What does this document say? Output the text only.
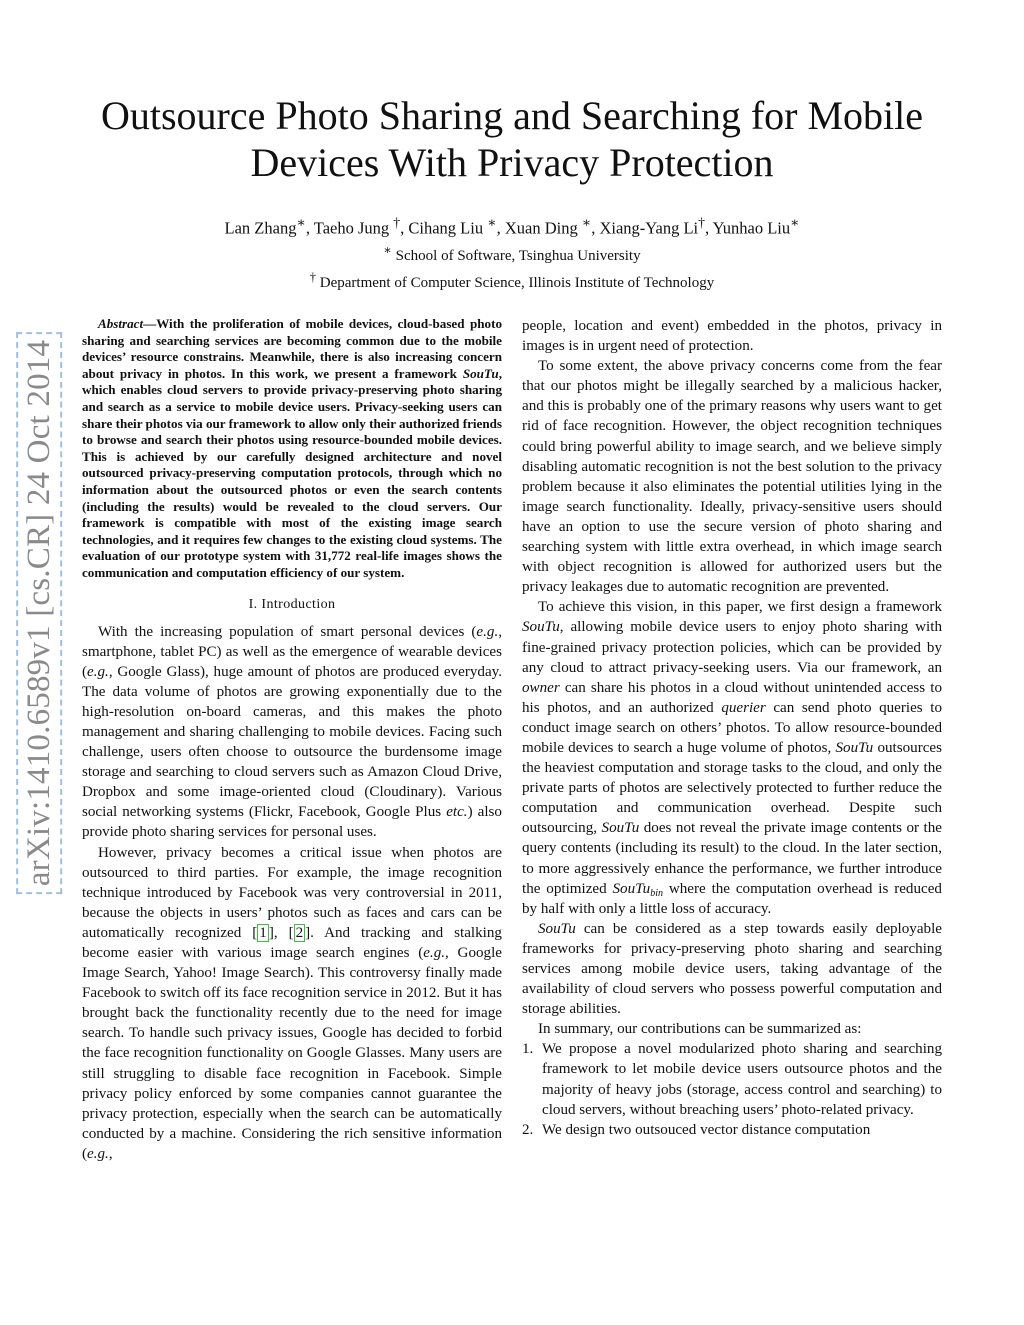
Outsource Photo Sharing and Searching for Mobile Devices With Privacy Protection
Lan Zhang∗, Taeho Jung †, Cihang Liu ∗, Xuan Ding ∗, Xiang-Yang Li†, Yunhao Liu∗
∗ School of Software, Tsinghua University
† Department of Computer Science, Illinois Institute of Technology
arXiv:1410.6589v1 [cs.CR] 24 Oct 2014

Abstract—With the proliferation of mobile devices, cloud-based photo sharing and searching services are becoming common due to the mobile devices’ resource constrains. Meanwhile, there is also increasing concern about privacy in photos. In this work, we present a framework SouTu, which enables cloud servers to provide privacy-preserving photo sharing and search as a service to mobile device users. Privacy-seeking users can share their photos via our framework to allow only their authorized friends to browse and search their photos using resource-bounded mobile devices. This is achieved by our carefully designed architecture and novel outsourced privacy-preserving computation protocols, through which no information about the outsourced photos or even the search contents (including the results) would be revealed to the cloud servers. Our framework is compatible with most of the existing image search technologies, and it requires few changes to the existing cloud systems. The evaluation of our prototype system with 31,772 real-life images shows the communication and computation efficiency of our system.

I. Introduction

With the increasing population of smart personal devices (e.g., smartphone, tablet PC) as well as the emergence of wearable devices (e.g., Google Glass), huge amount of photos are produced everyday. The data volume of photos are growing exponentially due to the high-resolution on-board cameras, and this makes the photo management and sharing challenging to mobile devices. Facing such challenge, users often choose to outsource the burdensome image storage and searching to cloud servers such as Amazon Cloud Drive, Dropbox and some image-oriented cloud (Cloudinary). Various social networking systems (Flickr, Facebook, Google Plus etc.) also provide photo sharing services for personal uses.

However, privacy becomes a critical issue when photos are outsourced to third parties. For example, the image recognition technique introduced by Facebook was very controversial in 2011, because the objects in users’ photos such as faces and cars can be automatically recognized [ 1 ], [ 2 ]. And tracking and stalking become easier with various image search engines (e.g., Google Image Search, Yahoo! Image Search). This controversy finally made Facebook to switch off its face recognition service in 2012. But it has brought back the functionality recently due to the need for image search. To handle such privacy issues, Google has decided to forbid the face recognition functionality on Google Glasses. Many users are still struggling to disable face recognition in Facebook. Simple privacy policy enforced by some companies cannot guarantee the privacy protection, especially when the search can be automatically conducted by a machine. Considering the rich sensitive information (e.g.,

people, location and event) embedded in the photos, privacy in images is in urgent need of protection.

To some extent, the above privacy concerns come from the fear that our photos might be illegally searched by a malicious hacker, and this is probably one of the primary reasons why users want to get rid of face recognition. However, the object recognition techniques could bring powerful ability to image search, and we believe simply disabling automatic recognition is not the best solution to the privacy problem because it also eliminates the potential utilities lying in the image search functionality. Ideally, privacy-sensitive users should have an option to use the secure version of photo sharing and searching system with little extra overhead, in which image search with object recognition is allowed for authorized users but the privacy leakages due to automatic recognition are prevented.

To achieve this vision, in this paper, we first design a framework SouTu, allowing mobile device users to enjoy photo sharing with fine-grained privacy protection policies, which can be provided by any cloud to attract privacy-seeking users. Via our framework, an owner can share his photos in a cloud without unintended access to his photos, and an authorized querier can send photo queries to conduct image search on others’ photos. To allow resource-bounded mobile devices to search a huge volume of photos, SouTu outsources the heaviest computation and storage tasks to the cloud, and only the private parts of photos are selectively protected to further reduce the computation and communication overhead. Despite such outsourcing, SouTu does not reveal the private image contents or the query contents (including its result) to the cloud. In the later section, to more aggressively enhance the performance, we further introduce the optimized SouTu$_{bin}$ where the computation overhead is reduced by half with only a little loss of accuracy.

SouTu can be considered as a step towards easily deployable frameworks for privacy-preserving photo sharing and searching services among mobile device users, taking advantage of the availability of cloud servers who possess powerful computation and storage abilities.

In summary, our contributions can be summarized as:

1. We propose a novel modularized photo sharing and searching framework to let mobile device users outsource photos and the majority of heavy jobs (storage, access control and searching) to cloud servers, without breaching users’ photo-related privacy.
2. We design two outsouced vector distance computation
